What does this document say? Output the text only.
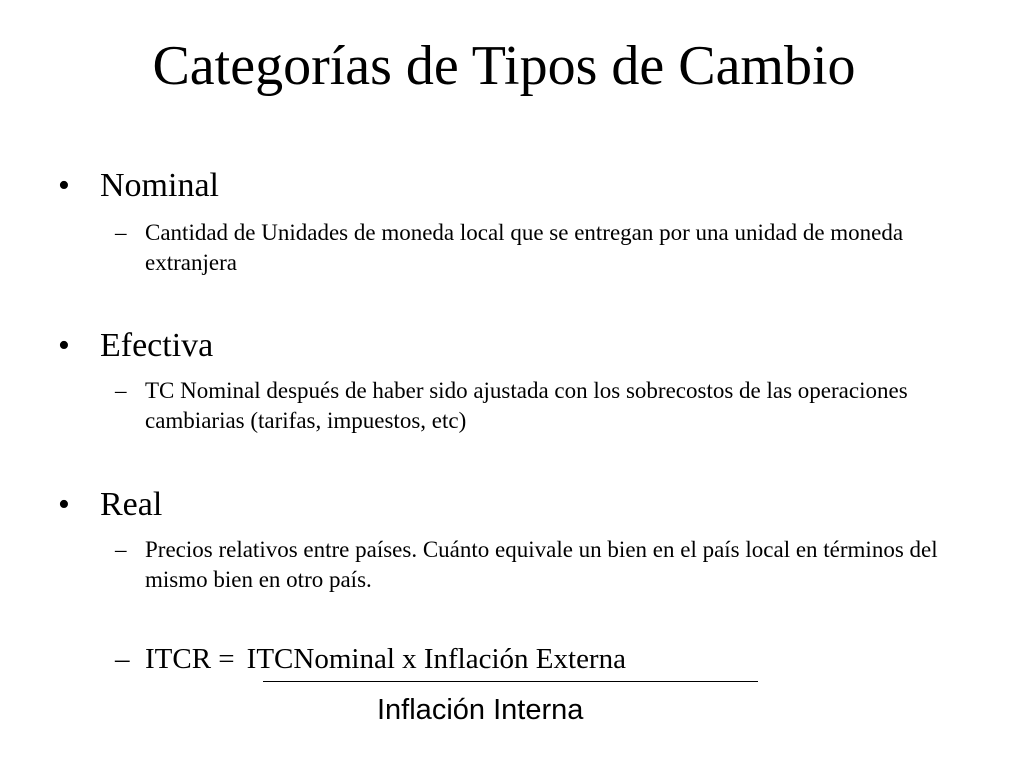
Categorías de Tipos de Cambio
• Nominal
– Cantidad de Unidades de moneda local que se entregan por una unidad de moneda extranjera
• Efectiva
– TC Nominal después de haber sido ajustada con los sobrecostos de las operaciones cambiarias (tarifas, impuestos, etc)
• Real
– Precios relativos entre países. Cuánto equivale un bien en el país local en términos del mismo bien en otro país.
– ITCR = ITCNominal x Inflación Externa
Inflación Interna
